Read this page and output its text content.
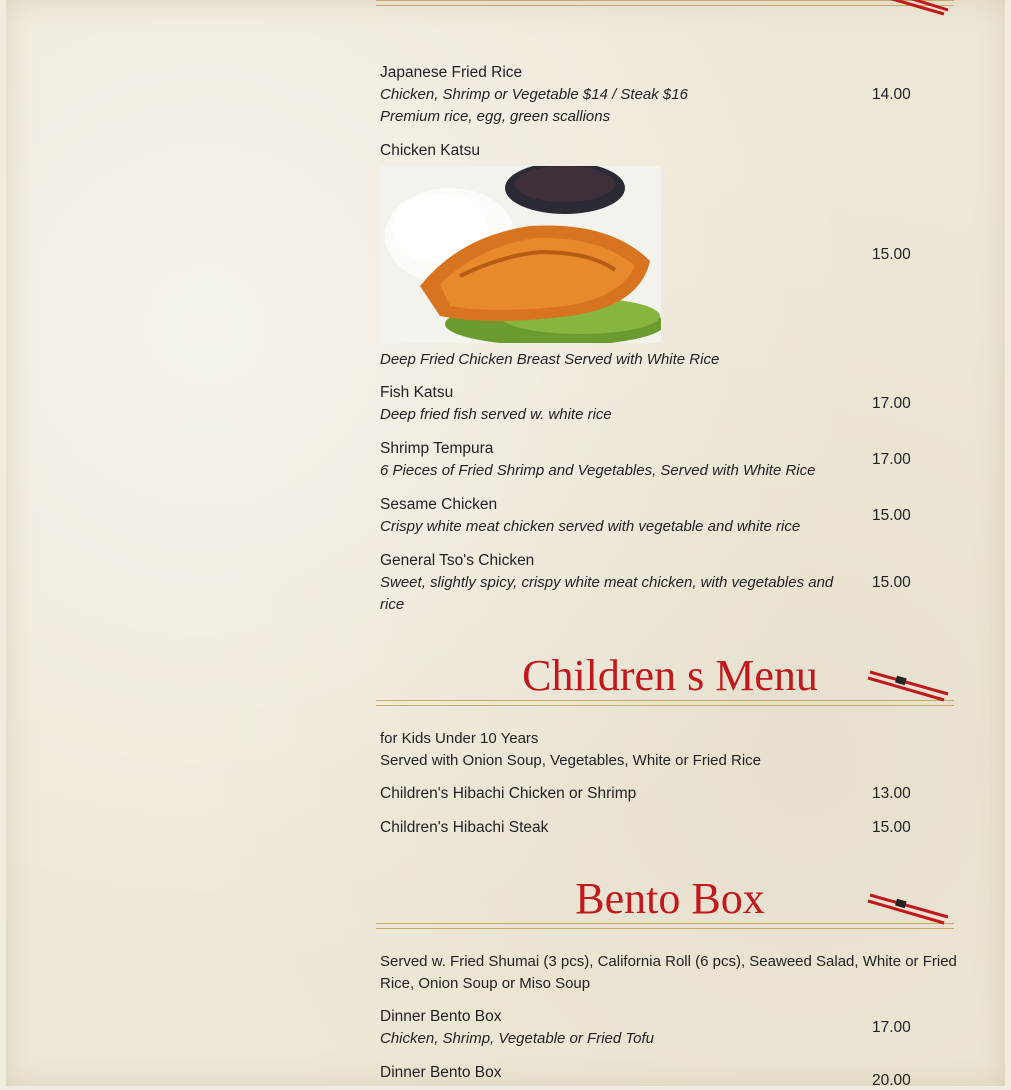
Japanese Fried Rice
Chicken, Shrimp or Vegetable $14 / Steak $16
Premium rice, egg, green scallions
14.00
Chicken Katsu
Deep Fried Chicken Breast Served with White Rice
15.00
Fish Katsu
Deep fried fish served w. white rice
17.00
Shrimp Tempura
6 Pieces of Fried Shrimp and Vegetables, Served with White Rice
17.00
Sesame Chicken
Crispy white meat chicken served with vegetable and white rice
15.00
General Tso's Chicken
Sweet, slightly spicy, crispy white meat chicken, with vegetables and rice
15.00
Children s Menu
for Kids Under 10 Years
Served with Onion Soup, Vegetables, White or Fried Rice
Children's Hibachi Chicken or Shrimp	13.00
Children's Hibachi Steak	15.00
Bento Box
Served w. Fried Shumai (3 pcs), California Roll (6 pcs), Seaweed Salad, White or Fried Rice, Onion Soup or Miso Soup
Dinner Bento Box
Chicken, Shrimp, Vegetable or Fried Tofu
17.00
Dinner Bento Box	20.00
